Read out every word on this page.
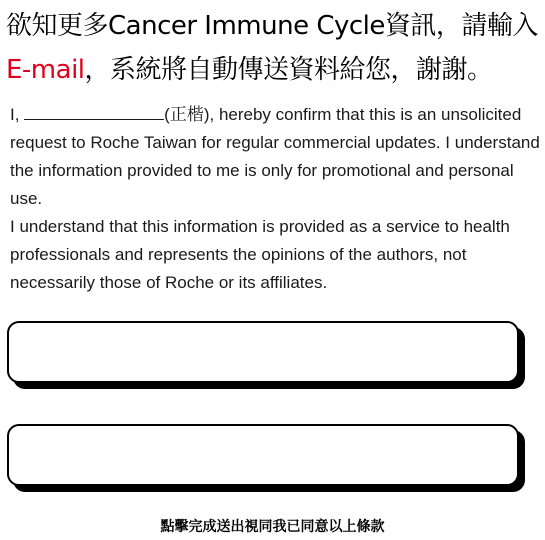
欲知更多Cancer Immune Cycle資訊，請輸入
E-mail，系統將自動傳送資料給您，謝謝。

I,	(正楷), hereby confirm that this is an unsolicited request to Roche Taiwan for regular commercial updates. I understand the information provided to me is only for promotional and personal use.

I understand that this information is provided as a service to health professionals and represents the opinions of the authors, not necessarily those of Roche or its affiliates.

點擊完成送出視同我已同意以上條款
